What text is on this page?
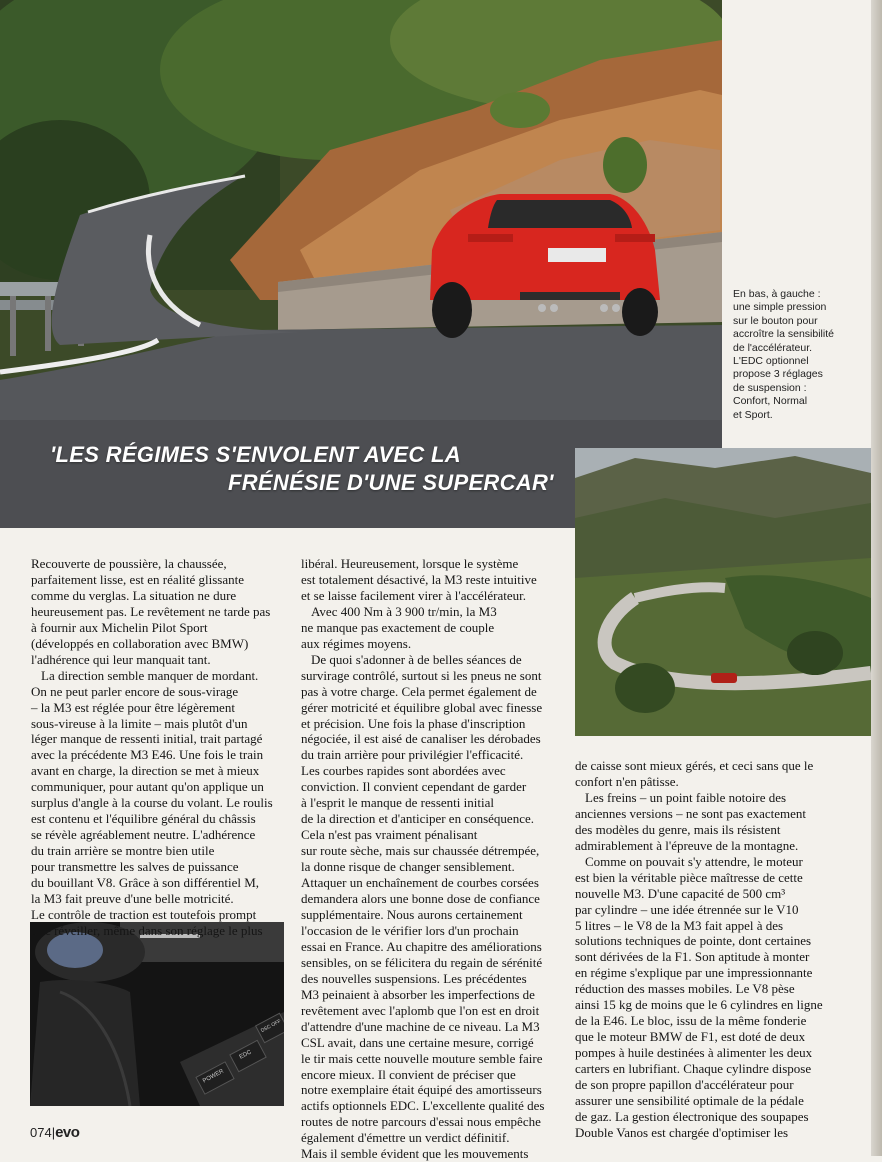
En bas, à gauche :
une simple pression
sur le bouton pour
accroître la sensibilité
de l'accélérateur.
L'EDC optionnel
propose 3 réglages
de suspension :
Confort, Normal
et Sport.
'LES RÉGIMES S'ENVOLENT AVEC LA
FRÉNÉSIE D'UNE SUPERCAR'
POWER
EDC
DSC OFF
Recouverte de poussière, la chaussée,
parfaitement lisse, est en réalité glissante
comme du verglas. La situation ne dure
heureusement pas. Le revêtement ne tarde pas
à fournir aux Michelin Pilot Sport
(développés en collaboration avec BMW)
l'adhérence qui leur manquait tant.
La direction semble manquer de mordant.
On ne peut parler encore de sous-virage
– la M3 est réglée pour être légèrement
sous-vireuse à la limite – mais plutôt d'un
léger manque de ressenti initial, trait partagé
avec la précédente M3 E46. Une fois le train
avant en charge, la direction se met à mieux
communiquer, pour autant qu'on applique un
surplus d'angle à la course du volant. Le roulis
est contenu et l'équilibre général du châssis
se révèle agréablement neutre. L'adhérence
du train arrière se montre bien utile
pour transmettre les salves de puissance
du bouillant V8. Grâce à son différentiel M,
la M3 fait preuve d'une belle motricité.
Le contrôle de traction est toutefois prompt
à se réveiller, même dans son réglage le plus
libéral. Heureusement, lorsque le système
est totalement désactivé, la M3 reste intuitive
et se laisse facilement virer à l'accélérateur.
Avec 400 Nm à 3 900 tr/min, la M3
ne manque pas exactement de couple
aux régimes moyens.
De quoi s'adonner à de belles séances de
survirage contrôlé, surtout si les pneus ne sont
pas à votre charge. Cela permet également de
gérer motricité et équilibre global avec finesse
et précision. Une fois la phase d'inscription
négociée, il est aisé de canaliser les dérobades
du train arrière pour privilégier l'efficacité.
Les courbes rapides sont abordées avec
conviction. Il convient cependant de garder
à l'esprit le manque de ressenti initial
de la direction et d'anticiper en conséquence.
Cela n'est pas vraiment pénalisant
sur route sèche, mais sur chaussée détrempée,
la donne risque de changer sensiblement.
Attaquer un enchaînement de courbes corsées
demandera alors une bonne dose de confiance
supplémentaire. Nous aurons certainement
l'occasion de le vérifier lors d'un prochain
essai en France. Au chapitre des améliorations
sensibles, on se félicitera du regain de sérénité
des nouvelles suspensions. Les précédentes
M3 peinaient à absorber les imperfections de
revêtement avec l'aplomb que l'on est en droit
d'attendre d'une machine de ce niveau. La M3
CSL avait, dans une certaine mesure, corrigé
le tir mais cette nouvelle mouture semble faire
encore mieux. Il convient de préciser que
notre exemplaire était équipé des amortisseurs
actifs optionnels EDC. L'excellente qualité des
routes de notre parcours d'essai nous empêche
également d'émettre un verdict définitif.
Mais il semble évident que les mouvements
de caisse sont mieux gérés, et ceci sans que le
confort n'en pâtisse.
Les freins – un point faible notoire des
anciennes versions – ne sont pas exactement
des modèles du genre, mais ils résistent
admirablement à l'épreuve de la montagne.
Comme on pouvait s'y attendre, le moteur
est bien la véritable pièce maîtresse de cette
nouvelle M3. D'une capacité de 500 cm³
par cylindre – une idée étrennée sur le V10
5 litres – le V8 de la M3 fait appel à des
solutions techniques de pointe, dont certaines
sont dérivées de la F1. Son aptitude à monter
en régime s'explique par une impressionnante
réduction des masses mobiles. Le V8 pèse
ainsi 15 kg de moins que le 6 cylindres en ligne
de la E46. Le bloc, issu de la même fonderie
que le moteur BMW de F1, est doté de deux
pompes à huile destinées à alimenter les deux
carters en lubrifiant. Chaque cylindre dispose
de son propre papillon d'accélérateur pour
assurer une sensibilité optimale de la pédale
de gaz. La gestion électronique des soupapes
Double Vanos est chargée d'optimiser les
074|evo
